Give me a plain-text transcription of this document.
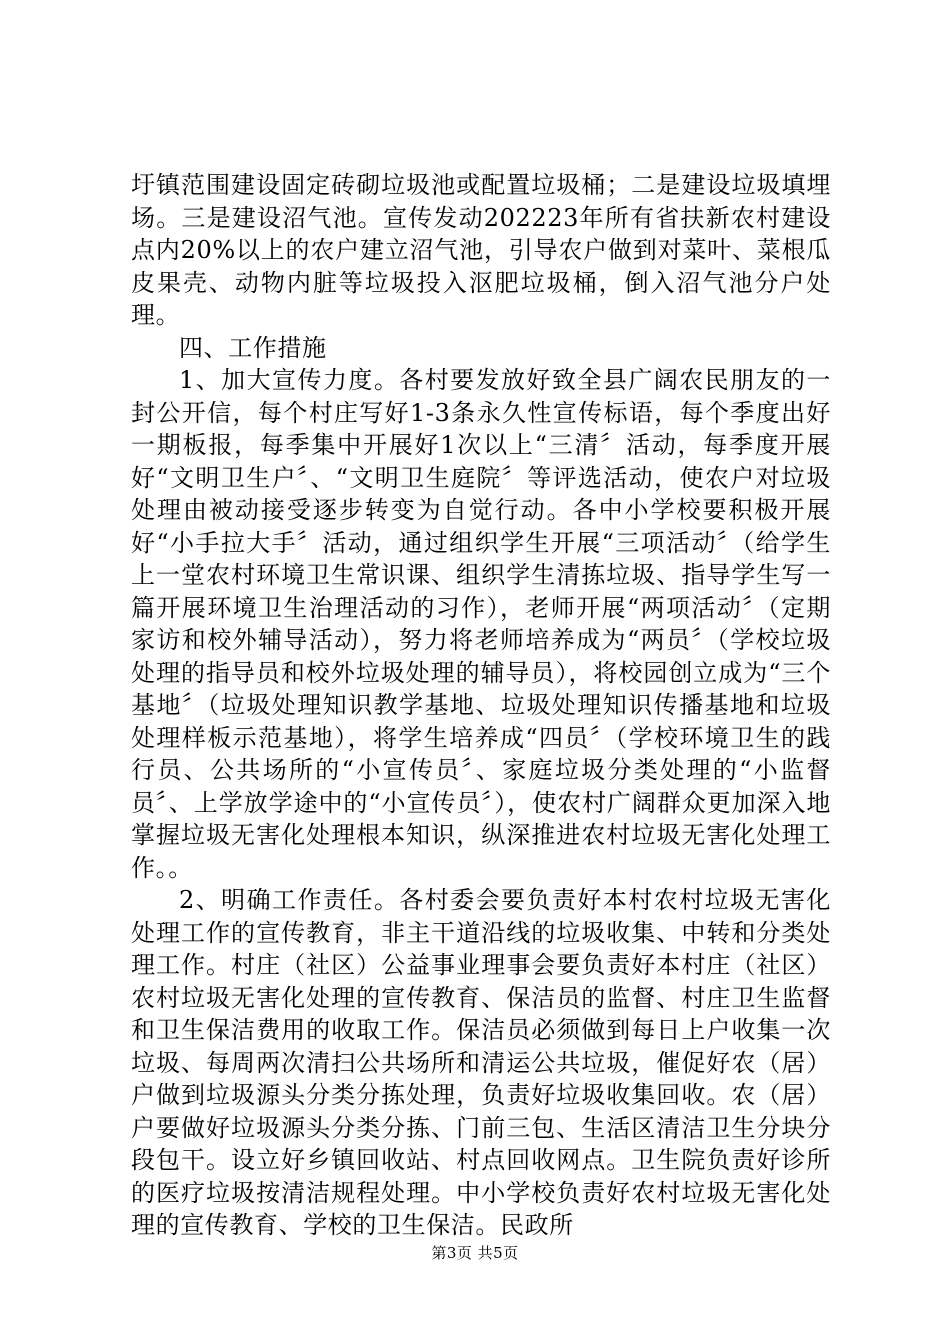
圩镇范围建设固定砖砌垃圾池或配置垃圾桶；二是建设垃圾填埋场。三是建设沼气池。宣传发动202223年所有省扶新农村建设点内20%以上的农户建立沼气池，引导农户做到对菜叶、菜根瓜皮果壳、动物内脏等垃圾投入沤肥垃圾桶，倒入沼气池分户处理。

四、工作措施

1、加大宣传力度。各村要发放好致全县广阔农民朋友的一封公开信，每个村庄写好1-3条永久性宣传标语，每个季度出好一期板报，每季集中开展好1次以上“三清〞活动，每季度开展好“文明卫生户〞、“文明卫生庭院〞等评选活动，使农户对垃圾处理由被动接受逐步转变为自觉行动。各中小学校要积极开展好“小手拉大手〞活动，通过组织学生开展“三项活动〞（给学生上一堂农村环境卫生常识课、组织学生清拣垃圾、指导学生写一篇开展环境卫生治理活动的习作），老师开展“两项活动〞（定期家访和校外辅导活动），努力将老师培养成为“两员〞（学校垃圾处理的指导员和校外垃圾处理的辅导员），将校园创立成为“三个基地〞（垃圾处理知识教学基地、垃圾处理知识传播基地和垃圾处理样板示范基地），将学生培养成“四员〞（学校环境卫生的践行员、公共场所的“小宣传员〞、家庭垃圾分类处理的“小监督员〞、上学放学途中的“小宣传员〞），使农村广阔群众更加深入地掌握垃圾无害化处理根本知识，纵深推进农村垃圾无害化处理工作。。

2、明确工作责任。各村委会要负责好本村农村垃圾无害化处理工作的宣传教育，非主干道沿线的垃圾收集、中转和分类处理工作。村庄（社区）公益事业理事会要负责好本村庄（社区）农村垃圾无害化处理的宣传教育、保洁员的监督、村庄卫生监督和卫生保洁费用的收取工作。保洁员必须做到每日上户收集一次垃圾、每周两次清扫公共场所和清运公共垃圾，催促好农（居）户做到垃圾源头分类分拣处理，负责好垃圾收集回收。农（居）户要做好垃圾源头分类分拣、门前三包、生活区清洁卫生分块分段包干。设立好乡镇回收站、村点回收网点。卫生院负责好诊所的医疗垃圾按清洁规程处理。中小学校负责好农村垃圾无害化处理的宣传教育、学校的卫生保洁。民政所

第3页 共5页
